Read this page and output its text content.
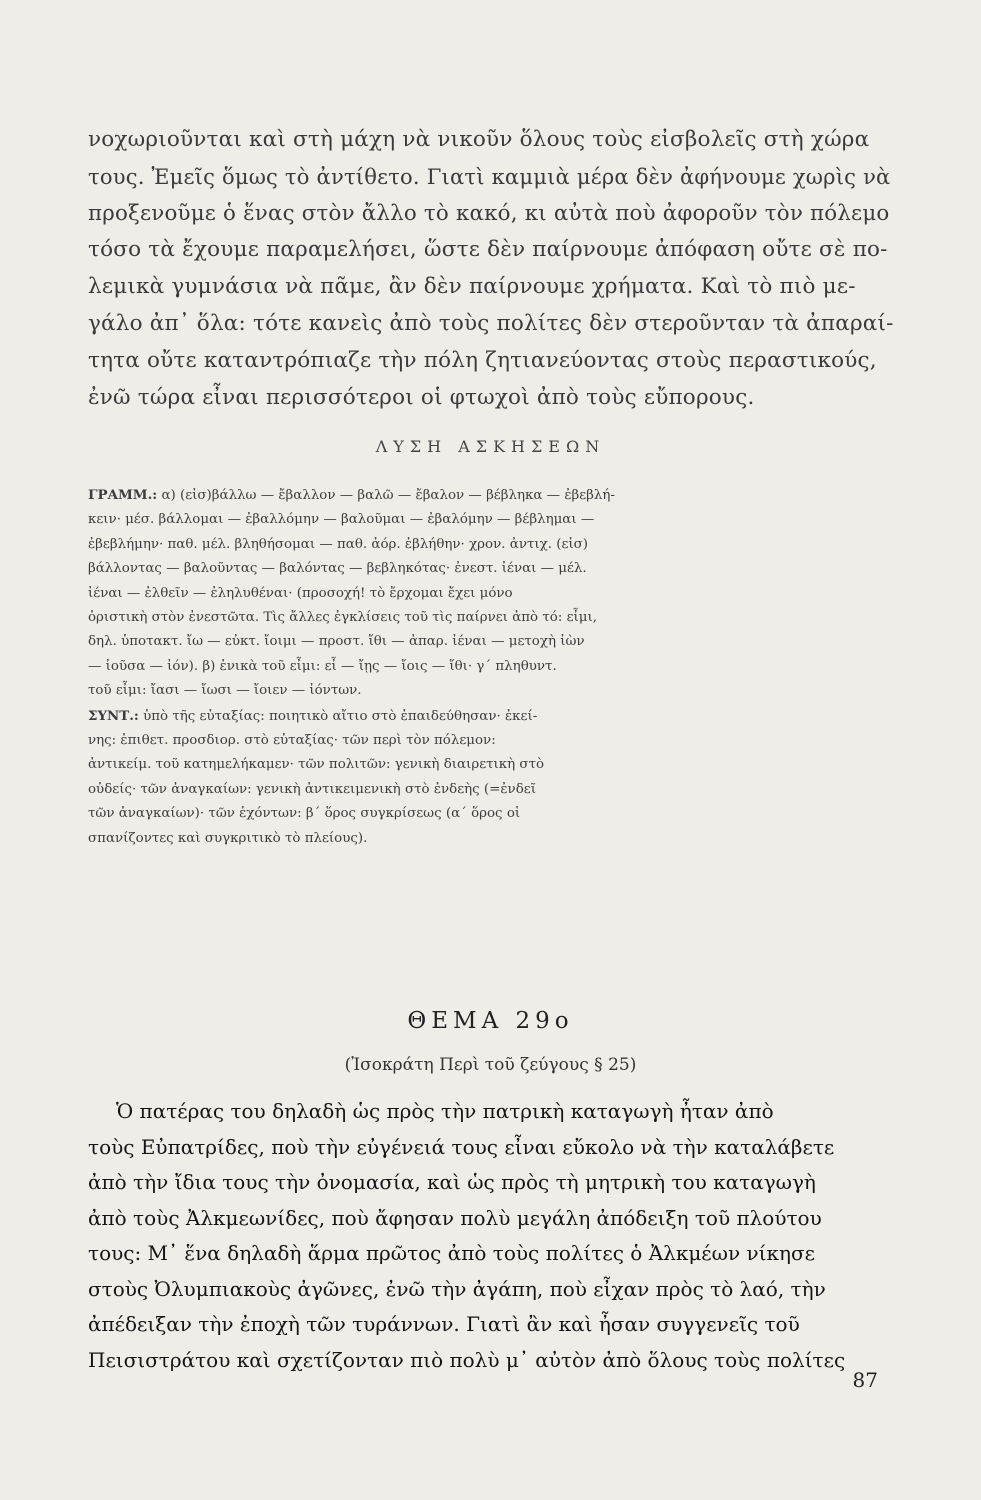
νοχωριοῦνται καὶ στὴ μάχη νὰ νικοῦν ὅλους τοὺς εἰσβολεῖς στὴ χώρα
τους. Ἐμεῖς ὅμως τὸ ἀντίθετο. Γιατὶ καμμιὰ μέρα δὲν ἀφήνουμε χωρὶς νὰ
προξενοῦμε ὁ ἕνας στὸν ἄλλο τὸ κακό, κι αὐτὰ ποὺ ἀφοροῦν τὸν πόλεμο
τόσο τὰ ἔχουμε παραμελήσει, ὥστε δὲν παίρνουμε ἀπόφαση οὔτε σὲ πο-
λεμικὰ γυμνάσια νὰ πᾶμε, ἂν δὲν παίρνουμε χρήματα. Καὶ τὸ πιὸ με-
γάλο ἀπ᾽ ὅλα: τότε κανεὶς ἀπὸ τοὺς πολίτες δὲν στεροῦνταν τὰ ἀπαραί-
τητα οὔτε καταντρόπιαζε τὴν πόλη ζητιανεύοντας στοὺς περαστικούς,
ἐνῶ τώρα εἶναι περισσότεροι οἱ φτωχοὶ ἀπὸ τοὺς εὔπορους.
ΛΥΣΗ ΑΣΚΗΣΕΩΝ
ΓΡΑΜΜ.: α) (εἰσ)βάλλω — ἔβαλλον — βαλῶ — ἔβαλον — βέβληκα — ἐβεβλή-
κειν· μέσ. βάλλομαι — ἐβαλλόμην — βαλοῦμαι — ἐβαλόμην — βέβλημαι —
ἐβεβλήμην· παθ. μέλ. βληθήσομαι — παθ. ἀόρ. ἐβλήθην· χρον. ἀντιχ. (εἰσ)
βάλλοντας — βαλοῦντας — βαλόντας — βεβληκότας· ἐνεστ. ἰέναι — μέλ.
ἰέναι — ἐλθεῖν — ἐληλυθέναι· (προσοχή! τὸ ἔρχομαι ἔχει μόνο
ὁριστικὴ στὸν ἐνεστῶτα. Τὶς ἄλλες ἐγκλίσεις τοῦ τὶς παίρνει ἀπὸ τό: εἶμι,
δηλ. ὑποτακτ. ἴω — εὐκτ. ἴοιμι — προστ. ἴθι — ἀπαρ. ἰέναι — μετοχὴ ἰὼν
— ἰοῦσα — ἰόν). β) ἑνικὰ τοῦ εἶμι: εἶ — ἴῃς — ἴοις — ἴθι· γ´ πληθυντ.
τοῦ εἶμι: ἴασι — ἴωσι — ἴοιεν — ἰόντων.
ΣΥΝΤ.: ὑπὸ τῆς εὐταξίας: ποιητικὸ αἴτιο στὸ ἐπαιδεύθησαν· ἐκεί-
νης: ἐπιθετ. προσδιορ. στὸ εὐταξίας· τῶν περὶ τὸν πόλεμον:
ἀντικείμ. τοῦ κατημελήκαμεν· τῶν πολιτῶν: γενικὴ διαιρετικὴ στὸ
οὐδείς· τῶν ἀναγκαίων: γενικὴ ἀντικειμενικὴ στὸ ἐνδεὴς (=ἐνδεῖ
τῶν ἀναγκαίων)· τῶν ἐχόντων: β´ ὅρος συγκρίσεως (α´ ὅρος οἱ
σπανίζοντες καὶ συγκριτικὸ τὸ πλείους).
ΘΕΜΑ 29ο
(Ἰσοκράτη Περὶ τοῦ ζεύγους § 25)
Ὁ πατέρας του δηλαδὴ ὡς πρὸς τὴν πατρικὴ καταγωγὴ ἦταν ἀπὸ
τοὺς Εὐπατρίδες, ποὺ τὴν εὐγένειά τους εἶναι εὔκολο νὰ τὴν καταλάβετε
ἀπὸ τὴν ἴδια τους τὴν ὀνομασία, καὶ ὡς πρὸς τὴ μητρικὴ του καταγωγὴ
ἀπὸ τοὺς Ἀλκμεωνίδες, ποὺ ἄφησαν πολὺ μεγάλη ἀπόδειξη τοῦ πλούτου
τους: Μ᾽ ἕνα δηλαδὴ ἅρμα πρῶτος ἀπὸ τοὺς πολίτες ὁ Ἀλκμέων νίκησε
στοὺς Ὀλυμπιακοὺς ἀγῶνες, ἐνῶ τὴν ἀγάπη, ποὺ εἶχαν πρὸς τὸ λαό, τὴν
ἀπέδειξαν τὴν ἐποχὴ τῶν τυράννων. Γιατὶ ἂν καὶ ἦσαν συγγενεῖς τοῦ
Πεισιστράτου καὶ σχετίζονταν πιὸ πολὺ μ᾽ αὐτὸν ἀπὸ ὅλους τοὺς πολίτες
87
